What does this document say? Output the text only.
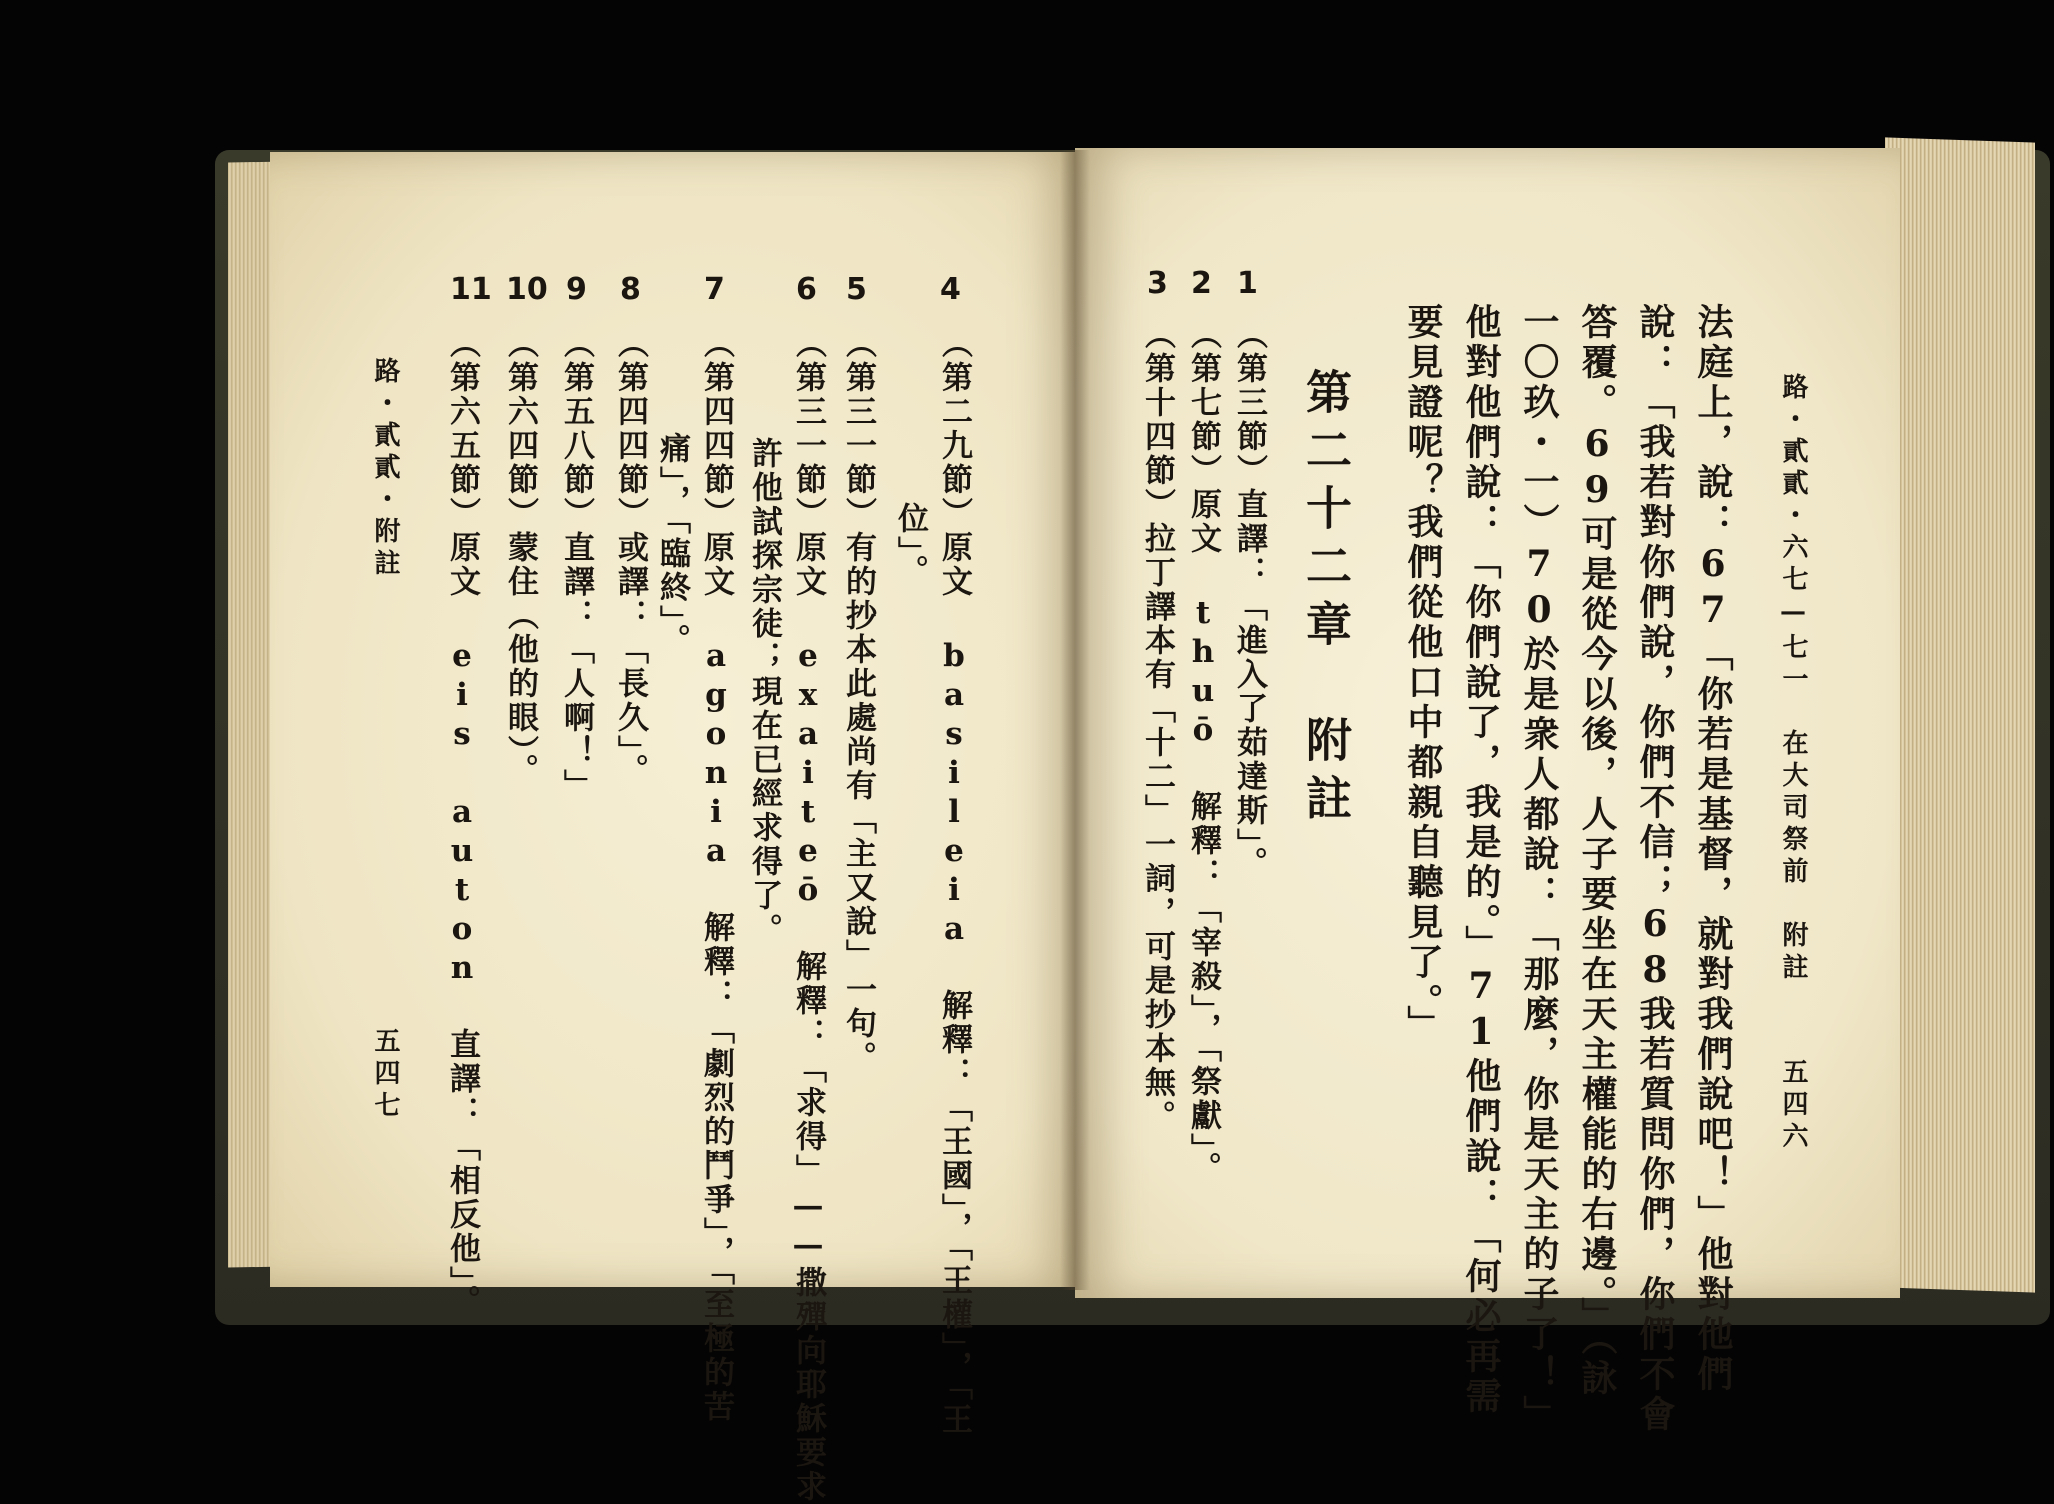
路・貳貳・附註
五四七
11
（第六五節）原文 eis auton 直譯：「相反他」。
10
（第六四節）蒙住（他的眼）。
9
（第五八節）直譯：「人啊！」
8
（第四四節）或譯：「長久」。 痛」，「臨終」。
7
（第四四節）原文 agonia 解釋：「劇烈的鬥爭」，「至極的苦 許他試探宗徒；現在已經求得了。
6
（第三一節）原文 exaiteō 解釋：「求得」——撒殫向耶穌要求
5
（第三一節）有的抄本此處尚有「主又說」一句。 位」。
4
（第二九節）原文 basileia 解釋：「王國」，「王權」，「王
3
（第十四節）拉丁譯本有「十二」一詞，可是抄本無。
2
（第七節）原文 thuō 解釋：「宰殺」，「祭獻」。
1
（第三節）直譯：「進入了茹達斯」。 第二十二章　附註 要見證呢？我們從他口中都親自聽見了。」 他對他們說：「你們說了，我是的。」71他們說：「何必再需 一〇玖・一）70於是衆人都說：「那麼，你是天主的子了！」 答覆。69可是從今以後，人子要坐在天主權能的右邊。」（詠 說：「我若對你們說，你們不信；68我若質問你們，你們不會 法庭上，說：67「你若是基督，就對我們說吧！」他對他們 路・貳貳・六七—七一　在大司祭前　附註
五四六
